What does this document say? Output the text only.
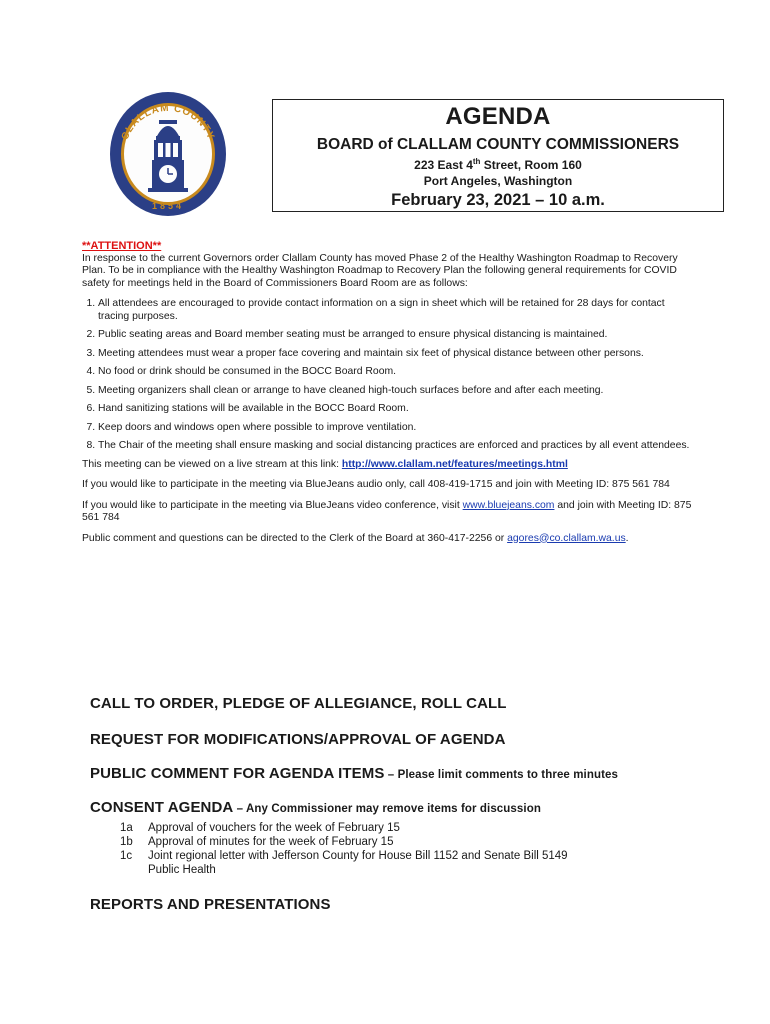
CLALLAM COUNTY
1854
AGENDA
BOARD of CLALLAM COUNTY COMMISSIONERS
223 East 4th Street, Room 160
Port Angeles, Washington
February 23, 2021 – 10 a.m.
**ATTENTION**

In response to the current Governors order Clallam County has moved Phase 2 of the Healthy Washington Roadmap to Recovery Plan. To be in compliance with the Healthy Washington Roadmap to Recovery Plan the following general requirements for COVID safety for meetings held in the Board of Commissioners Board Room are as follows:

1. All attendees are encouraged to provide contact information on a sign in sheet which will be retained for 28 days for contact tracing purposes.
2. Public seating areas and Board member seating must be arranged to ensure physical distancing is maintained.
3. Meeting attendees must wear a proper face covering and maintain six feet of physical distance between other persons.
4. No food or drink should be consumed in the BOCC Board Room.
5. Meeting organizers shall clean or arrange to have cleaned high-touch surfaces before and after each meeting.
6. Hand sanitizing stations will be available in the BOCC Board Room.
7. Keep doors and windows open where possible to improve ventilation.
8. The Chair of the meeting shall ensure masking and social distancing practices are enforced and practices by all event attendees.

This meeting can be viewed on a live stream at this link: http://www.clallam.net/features/meetings.html

If you would like to participate in the meeting via BlueJeans audio only, call 408-419-1715 and join with Meeting ID: 875 561 784

If you would like to participate in the meeting via BlueJeans video conference, visit www.bluejeans.com and join with Meeting ID: 875 561 784

Public comment and questions can be directed to the Clerk of the Board at 360-417-2256 or agores@co.clallam.wa.us.

CALL TO ORDER, PLEDGE OF ALLEGIANCE, ROLL CALL
REQUEST FOR MODIFICATIONS/APPROVAL OF AGENDA
PUBLIC COMMENT FOR AGENDA ITEMS – Please limit comments to three minutes
CONSENT AGENDA – Any Commissioner may remove items for discussion
1a	Approval of vouchers for the week of February 15
1b	Approval of minutes for the week of February 15
1c	Joint regional letter with Jefferson County for House Bill 1152 and Senate Bill 5149 Public Health
REPORTS AND PRESENTATIONS
